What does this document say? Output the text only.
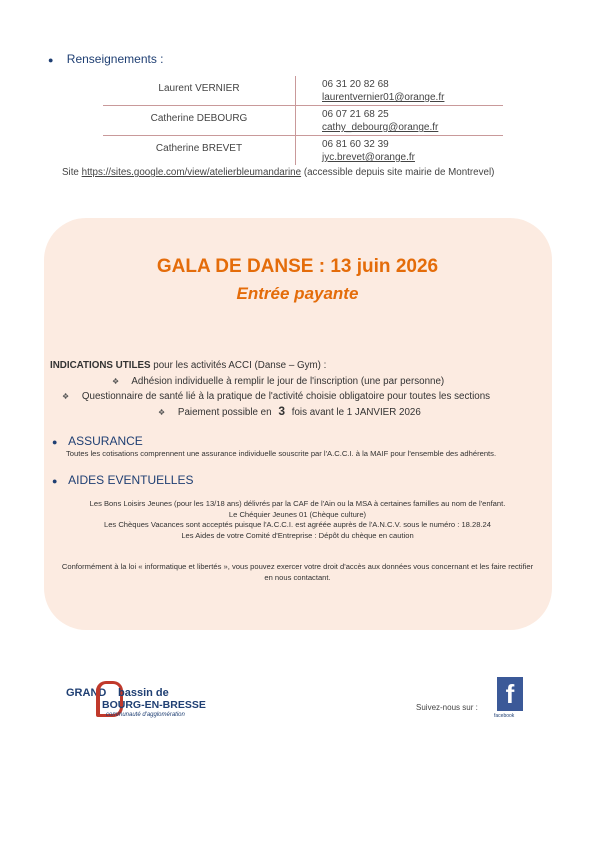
● Renseignements :
Laurent VERNIER	06 31 20 82 68
laurentvernier01@orange.fr
Catherine DEBOURG	06 07 21 68 25
cathy_debourg@orange.fr
Catherine BREVET	06 81 60 32 39
jyc.brevet@orange.fr
Site https://sites.google.com/view/atelierbleumandarine (accessible depuis site mairie de Montrevel)
GALA DE DANSE : 13 juin 2026
Entrée payante
INDICATIONS UTILES pour les activités ACCI (Danse – Gym) :
❖ Adhésion individuelle à remplir le jour de l'inscription (une par personne)
❖ Questionnaire de santé lié à la pratique de l'activité choisie obligatoire pour toutes les sections
❖ Paiement possible en 3 fois avant le 1 JANVIER 2026
● ASSURANCE
Toutes les cotisations comprennent une assurance individuelle souscrite par l'A.C.C.I. à la MAIF pour l'ensemble des adhérents.
● AIDES EVENTUELLES
Les Bons Loisirs Jeunes (pour les 13/18 ans) délivrés par la CAF de l'Ain ou la MSA à certaines familles au nom de l'enfant.
Le Chéquier Jeunes 01 (Chèque culture)
Les Chèques Vacances sont acceptés puisque l'A.C.C.I. est agréée auprès de l'A.N.C.V. sous le numéro : 18.28.24
Les Aides de votre Comité d'Entreprise : Dépôt du chèque en caution
Conformément à la loi « informatique et libertés », vous pouvez exercer votre droit d'accès aux données vous concernant et les faire rectifier
en nous contactant.
GRAND bassin de
BOURG-EN-BRESSE
communauté d'agglomération
Suivez-nous sur :	f
facebook
